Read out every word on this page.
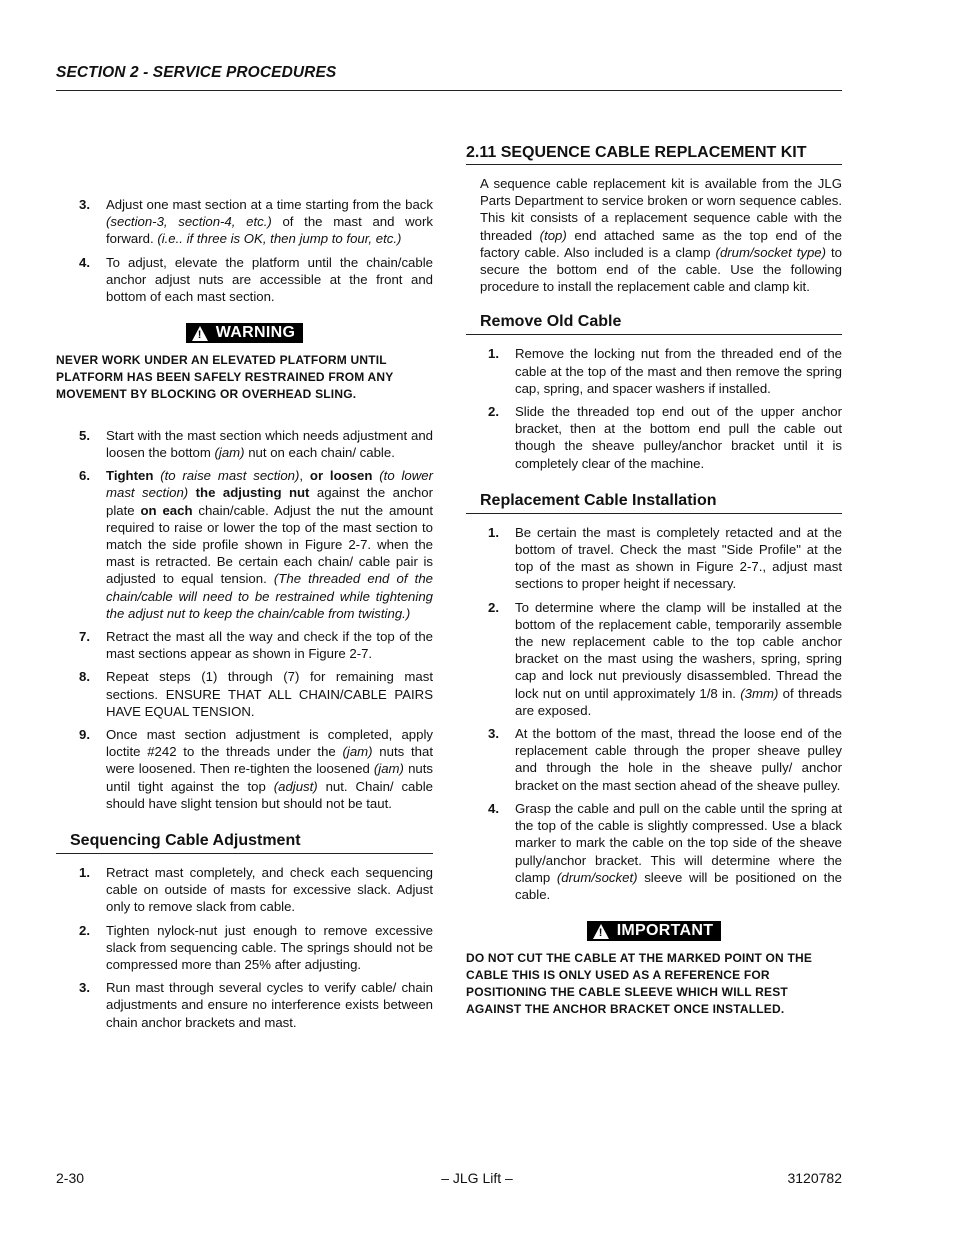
SECTION 2 - SERVICE PROCEDURES
3. Adjust one mast section at a time starting from the back (section-3, section-4, etc.) of the mast and work forward. (i.e.. if three is OK, then jump to four, etc.)
4. To adjust, elevate the platform until the chain/cable anchor adjust nuts are accessible at the front and bottom of each mast section.
!
WARNING
NEVER WORK UNDER AN ELEVATED PLATFORM UNTIL PLATFORM HAS BEEN SAFELY RESTRAINED FROM ANY MOVEMENT BY BLOCKING OR OVERHEAD SLING.
5. Start with the mast section which needs adjustment and loosen the bottom (jam) nut on each chain/ cable.
6. Tighten (to raise mast section), or loosen (to lower mast section) the adjusting nut against the anchor plate on each chain/cable. Adjust the nut the amount required to raise or lower the top of the mast section to match the side profile shown in Figure 2-7. when the mast is retracted. Be certain each chain/ cable pair is adjusted to equal tension. (The threaded end of the chain/cable will need to be restrained while tightening the adjust nut to keep the chain/cable from twisting.)
7. Retract the mast all the way and check if the top of the mast sections appear as shown in Figure 2-7.
8. Repeat steps (1) through (7) for remaining mast sections. ENSURE THAT ALL CHAIN/CABLE PAIRS HAVE EQUAL TENSION.
9. Once mast section adjustment is completed, apply loctite #242 to the threads under the (jam) nuts that were loosened. Then re-tighten the loosened (jam) nuts until tight against the top (adjust) nut. Chain/ cable should have slight tension but should not be taut.
Sequencing Cable Adjustment
1. Retract mast completely, and check each sequencing cable on outside of masts for excessive slack. Adjust only to remove slack from cable.
2. Tighten nylock-nut just enough to remove excessive slack from sequencing cable. The springs should not be compressed more than 25% after adjusting.
3. Run mast through several cycles to verify cable/ chain adjustments and ensure no interference exists between chain anchor brackets and mast.
2.11 SEQUENCE CABLE REPLACEMENT KIT
A sequence cable replacement kit is available from the JLG Parts Department to service broken or worn sequence cables. This kit consists of a replacement sequence cable with the threaded (top) end attached same as the top end of the factory cable. Also included is a clamp (drum/socket type) to secure the bottom end of the cable. Use the following procedure to install the replacement cable and clamp kit.
Remove Old Cable
1. Remove the locking nut from the threaded end of the cable at the top of the mast and then remove the spring cap, spring, and spacer washers if installed.
2. Slide the threaded top end out of the upper anchor bracket, then at the bottom end pull the cable out though the sheave pulley/anchor bracket until it is completely clear of the machine.
Replacement Cable Installation
1. Be certain the mast is completely retacted and at the bottom of travel. Check the mast "Side Profile" at the top of the mast as shown in Figure 2-7., adjust mast sections to proper height if necessary.
2. To determine where the clamp will be installed at the bottom of the replacement cable, temporarily assemble the new replacement cable to the top cable anchor bracket on the mast using the washers, spring, spring cap and lock nut previously disassembled. Thread the lock nut on until approximately 1/8 in. (3mm) of threads are exposed.
3. At the bottom of the mast, thread the loose end of the replacement cable through the proper sheave pulley and through the hole in the sheave pully/ anchor bracket on the mast section ahead of the sheave pulley.
4. Grasp the cable and pull on the cable until the spring at the top of the cable is slightly compressed. Use a black marker to mark the cable on the top side of the sheave pully/anchor bracket. This will determine where the clamp (drum/socket) sleeve will be positioned on the cable.
!
IMPORTANT
DO NOT CUT THE CABLE AT THE MARKED POINT ON THE CABLE THIS IS ONLY USED AS A REFERENCE FOR POSITIONING THE CABLE SLEEVE WHICH WILL REST AGAINST THE ANCHOR BRACKET ONCE INSTALLED.
2-30	– JLG Lift –	3120782
